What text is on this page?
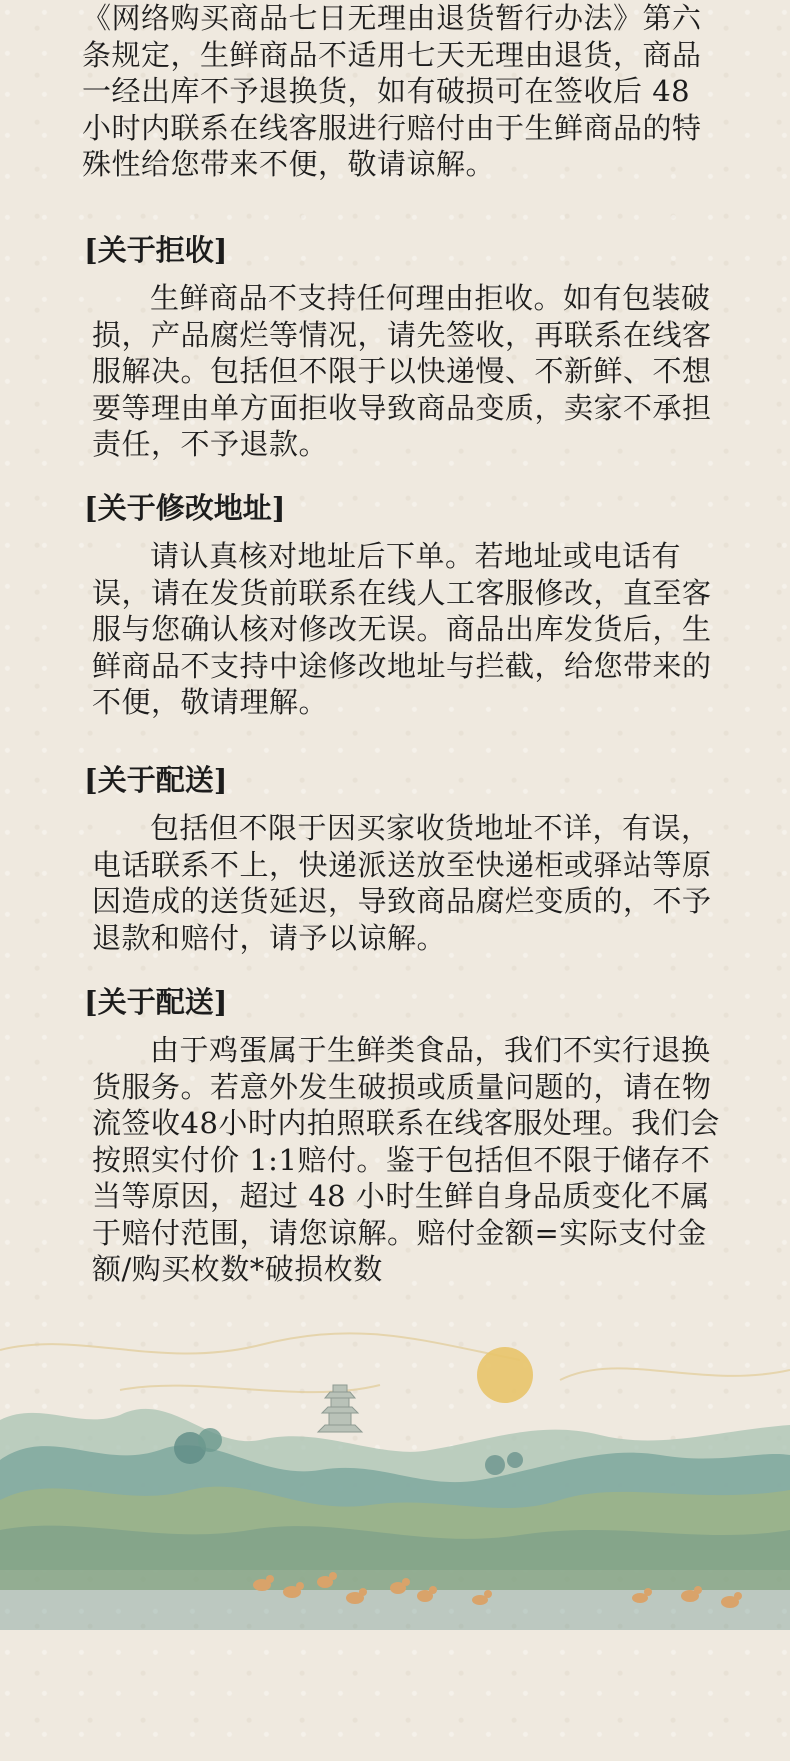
《网络购买商品七日无理由退货暂行办法》第六条规定，生鲜商品不适用七天无理由退货，商品一经出库不予退换货，如有破损可在签收后 48 小时内联系在线客服进行赔付由于生鲜商品的特殊性给您带来不便，敬请谅解。

[关于拒收]

生鲜商品不支持任何理由拒收。如有包装破损，产品腐烂等情况，请先签收，再联系在线客服解决。包括但不限于以快递慢、不新鲜、不想要等理由单方面拒收导致商品变质，卖家不承担责任，不予退款。

[关于修改地址]

请认真核对地址后下单。若地址或电话有误，请在发货前联系在线人工客服修改，直至客服与您确认核对修改无误。商品出库发货后，生鲜商品不支持中途修改地址与拦截，给您带来的不便，敬请理解。

[关于配送]

包括但不限于因买家收货地址不详，有误，电话联系不上，快递派送放至快递柜或驿站等原因造成的送货延迟，导致商品腐烂变质的，不予退款和赔付，请予以谅解。

[关于配送]

由于鸡蛋属于生鲜类食品，我们不实行退换货服务。若意外发生破损或质量问题的，请在物流签收48小时内拍照联系在线客服处理。我们会按照实付价 1:1赔付。鉴于包括但不限于储存不当等原因，超过 48 小时生鲜自身品质变化不属于赔付范围，请您谅解。赔付金额=实际支付金额/购买枚数*破损枚数
